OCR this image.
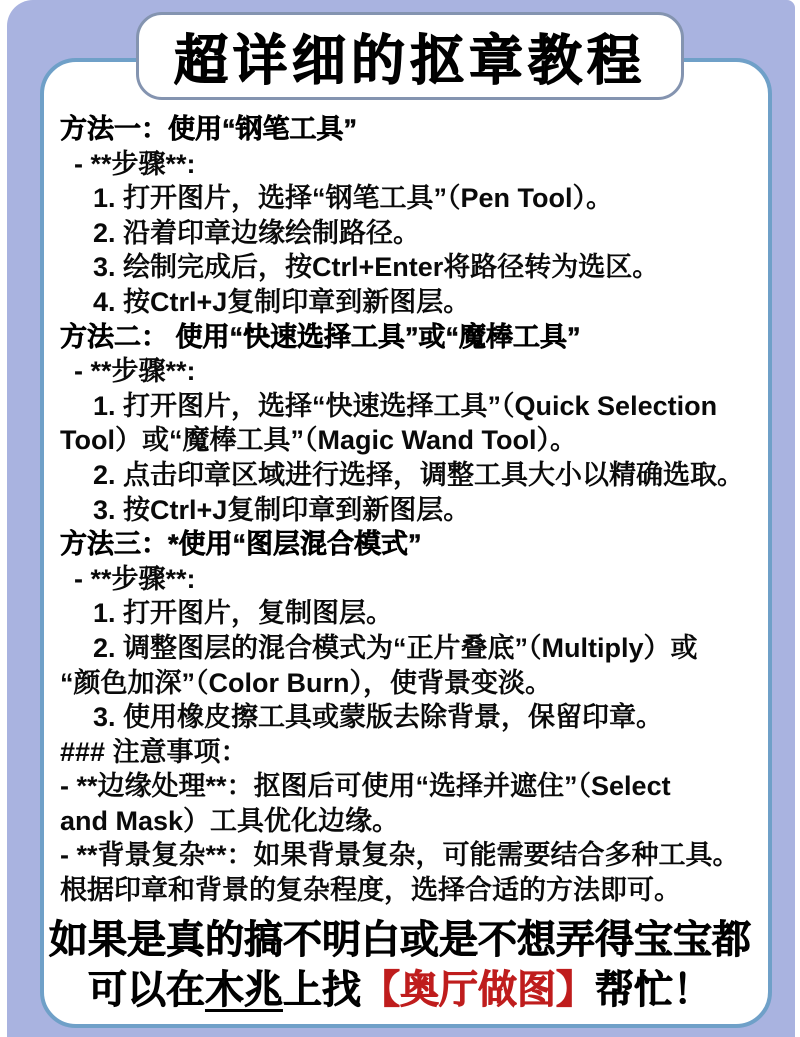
超详细的抠章教程
方法一：使用“钢笔工具”
- **步骤**:
1. 打开图片，选择“钢笔工具”（Pen Tool）。
2. 沿着印章边缘绘制路径。
3. 绘制完成后，按Ctrl+Enter将路径转为选区。
4. 按Ctrl+J复制印章到新图层。
方法二： 使用“快速选择工具”或“魔棒工具”
- **步骤**:
1. 打开图片，选择“快速选择工具”（Quick Selection
Tool）或“魔棒工具”（Magic Wand Tool）。
2. 点击印章区域进行选择，调整工具大小以精确选取。
3. 按Ctrl+J复制印章到新图层。
方法三：*使用“图层混合模式”
- **步骤**:
1. 打开图片，复制图层。
2. 调整图层的混合模式为“正片叠底”（Multiply）或
“颜色加深”（Color Burn），使背景变淡。
3. 使用橡皮擦工具或蒙版去除背景，保留印章。
### 注意事项：
- **边缘处理**：抠图后可使用“选择并遮住”（Select
and Mask）工具优化边缘。
- **背景复杂**：如果背景复杂，可能需要结合多种工具。
根据印章和背景的复杂程度，选择合适的方法即可。
如果是真的搞不明白或是不想弄得宝宝都
可以在木兆上找【奥厅做图】帮忙！
